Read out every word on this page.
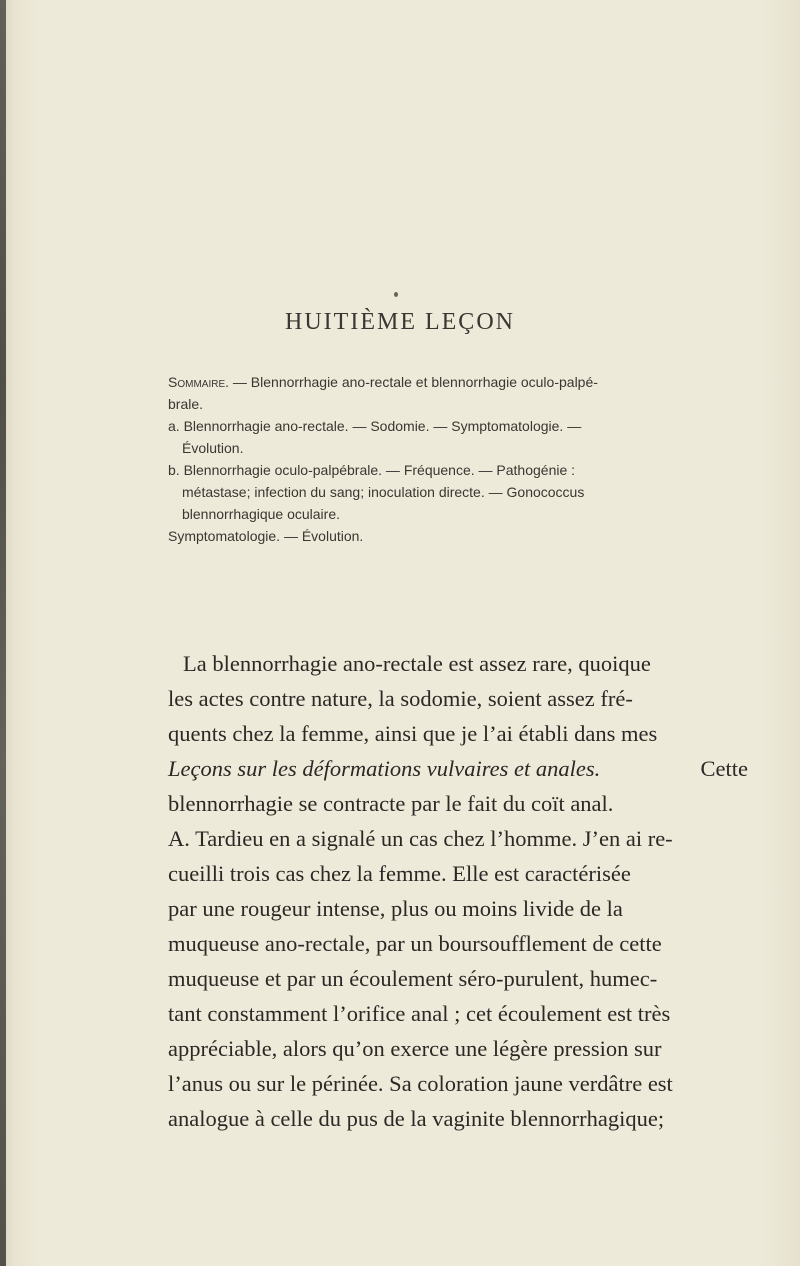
HUITIÈME LEÇON
Sommaire. — Blennorrhagie ano-rectale et blennorrhagie oculo-palpé-
brale.
a. Blennorrhagie ano-rectale. — Sodomie. — Symptomatologie. —
Évolution.
b. Blennorrhagie oculo-palpébrale. — Fréquence. — Pathogénie :
métastase; infection du sang; inoculation directe. — Gonococcus
blennorrhagique oculaire.
Symptomatologie. — Évolution.
La blennorrhagie ano-rectale est assez rare, quoique
les actes contre nature, la sodomie, soient assez fré-
quents chez la femme, ainsi que je l’ai établi dans mes
Leçons sur les déformations vulvaires et anales.	Cette
blennorrhagie se contracte par le fait du coït anal.
A. Tardieu en a signalé un cas chez l’homme. J’en ai re-
cueilli trois cas chez la femme. Elle est caractérisée
par une rougeur intense, plus ou moins livide de la
muqueuse ano-rectale, par un boursoufflement de cette
muqueuse et par un écoulement séro-purulent, humec-
tant constamment l’orifice anal ; cet écoulement est très
appréciable, alors qu’on exerce une légère pression sur
l’anus ou sur le périnée. Sa coloration jaune verdâtre est
analogue à celle du pus de la vaginite blennorrhagique;
